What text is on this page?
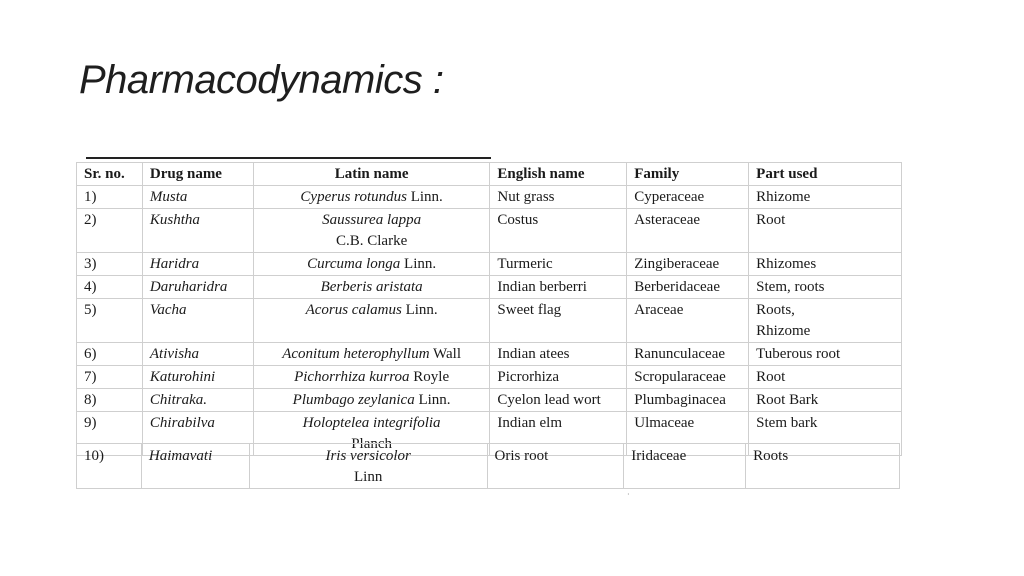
Pharmacodynamics :
Sr. no.	Drug name	Latin name	English name	Family	Part used
1)	Musta	Cyperus rotundus Linn.	Nut grass	Cyperaceae	Rhizome
2)	Kushtha	Saussurea lappa
C.B. Clarke	Costus	Asteraceae	Root
3)	Haridra	Curcuma longa Linn.	Turmeric	Zingiberaceae	Rhizomes
4)	Daruharidra	Berberis aristata	Indian berberri	Berberidaceae	Stem, roots
5)	Vacha	Acorus calamus Linn.	Sweet flag	Araceae	Roots,
Rhizome
6)	Ativisha	Aconitum heterophyllum Wall	Indian atees	Ranunculaceae	Tuberous root
7)	Katurohini	Pichorrhiza kurroa Royle	Picrorhiza	Scropularaceae	Root
8)	Chitraka.	Plumbago zeylanica Linn.	Cyelon lead wort	Plumbaginacea	Root Bark
9)	Chirabilva	Holoptelea integrifolia
Planch	Indian elm	Ulmaceae	Stem bark
10)	Haimavati	Iris versicolor
Linn	Oris root	Iridaceae	Roots
·
